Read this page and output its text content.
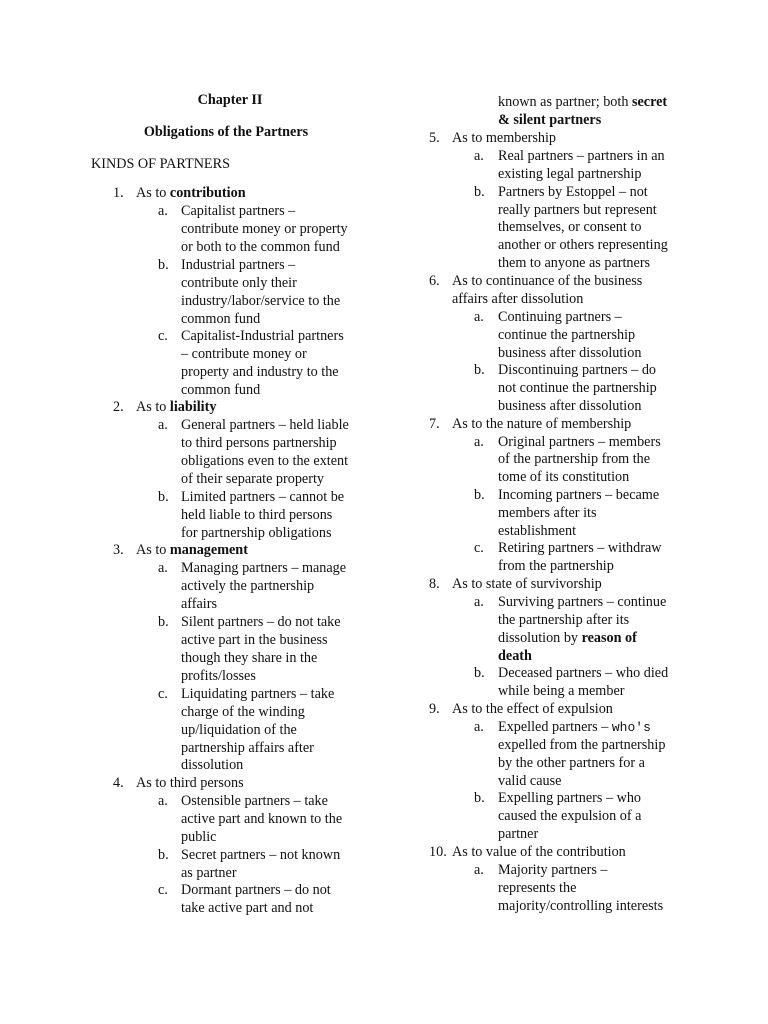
Chapter II
Obligations of the Partners
KINDS OF PARTNERS
1. As to contribution
a. Capitalist partners –
contribute money or property
or both to the common fund
b. Industrial partners –
contribute only their
industry/labor/service to the
common fund
c. Capitalist-Industrial partners
– contribute money or
property and industry to the
common fund
2. As to liability
a. General partners – held liable
to third persons partnership
obligations even to the extent
of their separate property
b. Limited partners – cannot be
held liable to third persons
for partnership obligations
3. As to management
a. Managing partners – manage
actively the partnership
affairs
b. Silent partners – do not take
active part in the business
though they share in the
profits/losses
c. Liquidating partners – take
charge of the winding
up/liquidation of the
partnership affairs after
dissolution
4. As to third persons
a. Ostensible partners – take
active part and known to the
public
b. Secret partners – not known
as partner
c. Dormant partners – do not
take active part and not
known as partner; both secret
& silent partners
5. As to membership
a. Real partners – partners in an
existing legal partnership
b. Partners by Estoppel – not
really partners but represent
themselves, or consent to
another or others representing
them to anyone as partners
6. As to continuance of the business
affairs after dissolution
a. Continuing partners –
continue the partnership
business after dissolution
b. Discontinuing partners – do
not continue the partnership
business after dissolution
7. As to the nature of membership
a. Original partners – members
of the partnership from the
tome of its constitution
b. Incoming partners – became
members after its
establishment
c. Retiring partners – withdraw
from the partnership
8. As to state of survivorship
a. Surviving partners – continue
the partnership after its
dissolution by reason of
death
b. Deceased partners – who died
while being a member
9. As to the effect of expulsion
a. Expelled partners – who's
expelled from the partnership
by the other partners for a
valid cause
b. Expelling partners – who
caused the expulsion of a
partner
10. As to value of the contribution
a. Majority partners –
represents the
majority/controlling interests
